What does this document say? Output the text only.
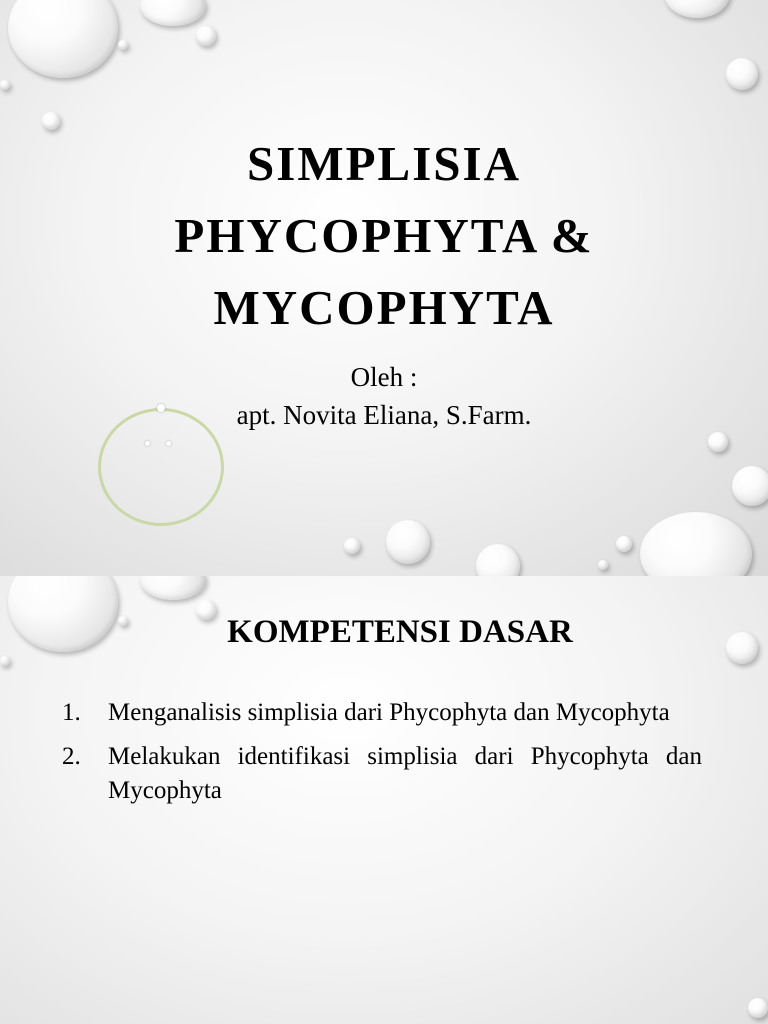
SIMPLISIA
PHYCOPHYTA &
MYCOPHYTA
Oleh :
apt. Novita Eliana, S.Farm.
KOMPETENSI DASAR
1. Menganalisis simplisia dari Phycophyta dan Mycophyta
2. Melakukan identifikasi simplisia dari Phycophyta dan Mycophyta
